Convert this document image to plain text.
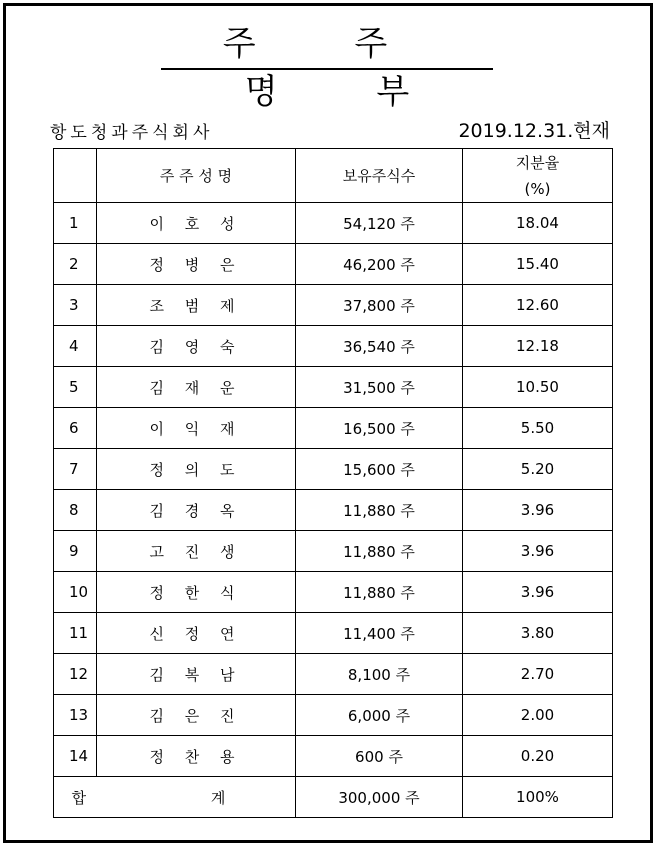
주 주 명 부
항도청과주식회사	2019.12.31.현재
	주 주 성 명	보유주식수	지분율
(%)

1	이 호 성	54,120 주	18.04
2	정 병 은	46,200 주	15.40
3	조 범 제	37,800 주	12.60
4	김 영 숙	36,540 주	12.18
5	김 재 운	31,500 주	10.50
6	이 익 재	16,500 주	5.50
7	정 의 도	15,600 주	5.20
8	김 경 옥	11,880 주	3.96
9	고 진 생	11,880 주	3.96
10	정 한 식	11,880 주	3.96
11	신 정 연	11,400 주	3.80
12	김 복 남	8,100 주	2.70
13	김 은 진	6,000 주	2.00
14	정 찬 용	600 주	0.20
합 계		300,000 주	100%
